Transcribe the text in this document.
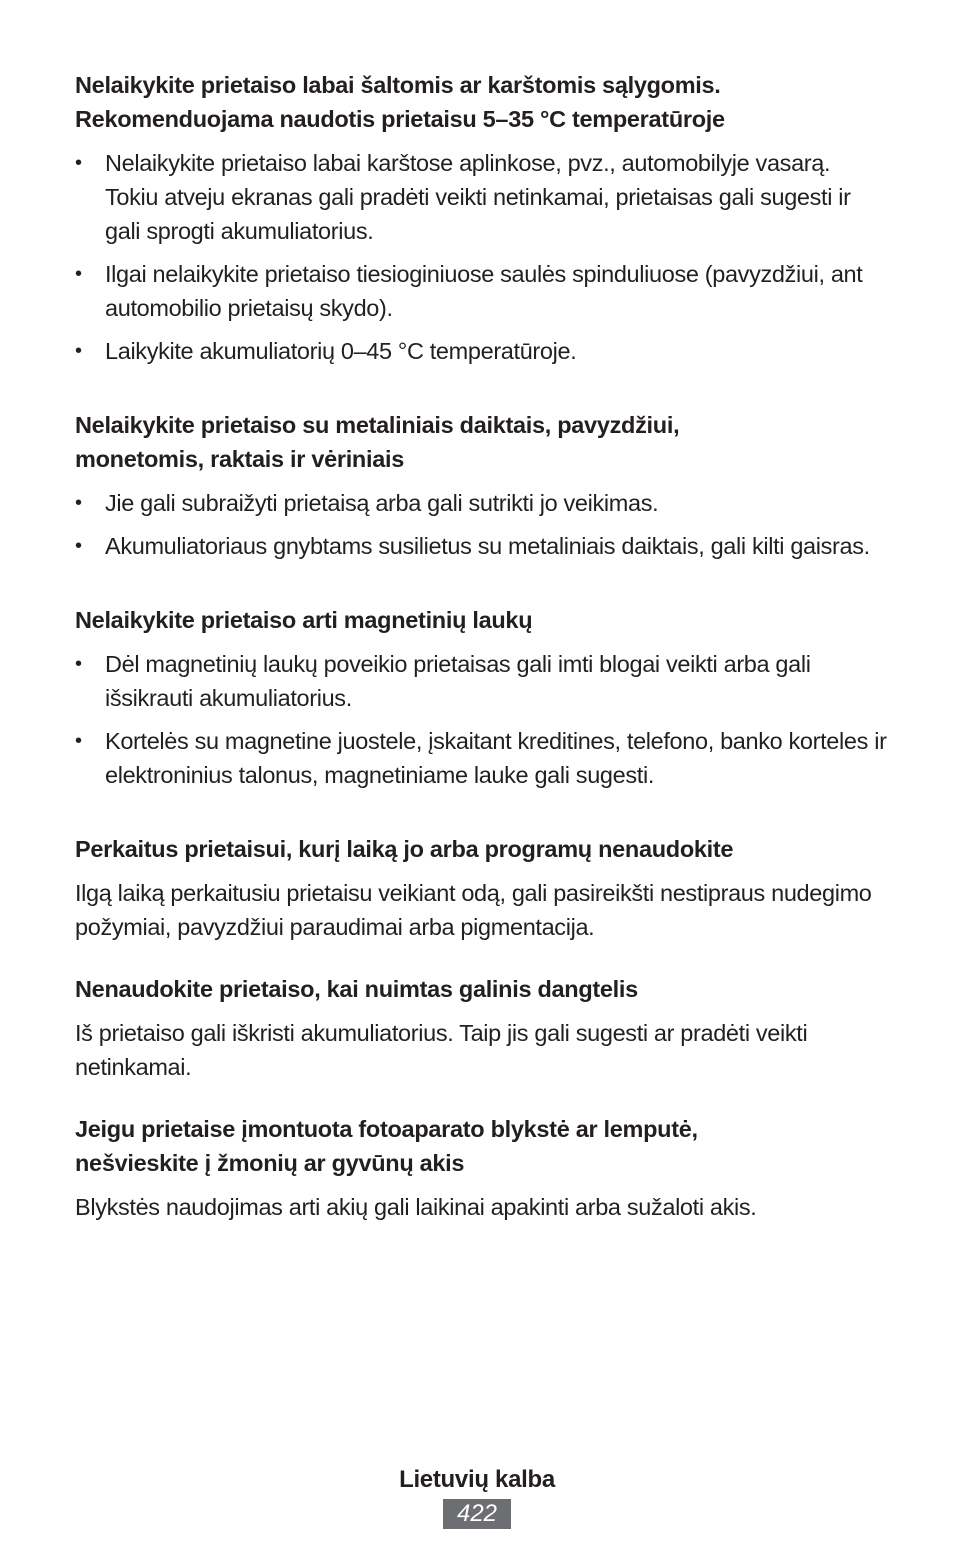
Nelaikykite prietaiso labai šaltomis ar karštomis sąlygomis.
Rekomenduojama naudotis prietaisu 5–35 °C temperatūroje
• Nelaikykite prietaiso labai karštose aplinkose, pvz., automobilyje vasarą. Tokiu atveju ekranas gali pradėti veikti netinkamai, prietaisas gali sugesti ir gali sprogti akumuliatorius.
• Ilgai nelaikykite prietaiso tiesioginiuose saulės spinduliuose (pavyzdžiui, ant automobilio prietaisų skydo).
• Laikykite akumuliatorių 0–45 °C temperatūroje.
Nelaikykite prietaiso su metaliniais daiktais, pavyzdžiui,
monetomis, raktais ir vėriniais
• Jie gali subraižyti prietaisą arba gali sutrikti jo veikimas.
• Akumuliatoriaus gnybtams susilietus su metaliniais daiktais, gali kilti gaisras.
Nelaikykite prietaiso arti magnetinių laukų
• Dėl magnetinių laukų poveikio prietaisas gali imti blogai veikti arba gali išsikrauti akumuliatorius.
• Kortelės su magnetine juostele, įskaitant kreditines, telefono, banko korteles ir elektroninius talonus, magnetiniame lauke gali sugesti.
Perkaitus prietaisui, kurį laiką jo arba programų nenaudokite

Ilgą laiką perkaitusiu prietaisu veikiant odą, gali pasireikšti nestipraus nudegimo požymiai, pavyzdžiui paraudimai arba pigmentacija.

Nenaudokite prietaiso, kai nuimtas galinis dangtelis

Iš prietaiso gali iškristi akumuliatorius. Taip jis gali sugesti ar pradėti veikti netinkamai.

Jeigu prietaise įmontuota fotoaparato blykstė ar lemputė,
nešvieskite į žmonių ar gyvūnų akis

Blykstės naudojimas arti akių gali laikinai apakinti arba sužaloti akis.

Lietuvių kalba
422
